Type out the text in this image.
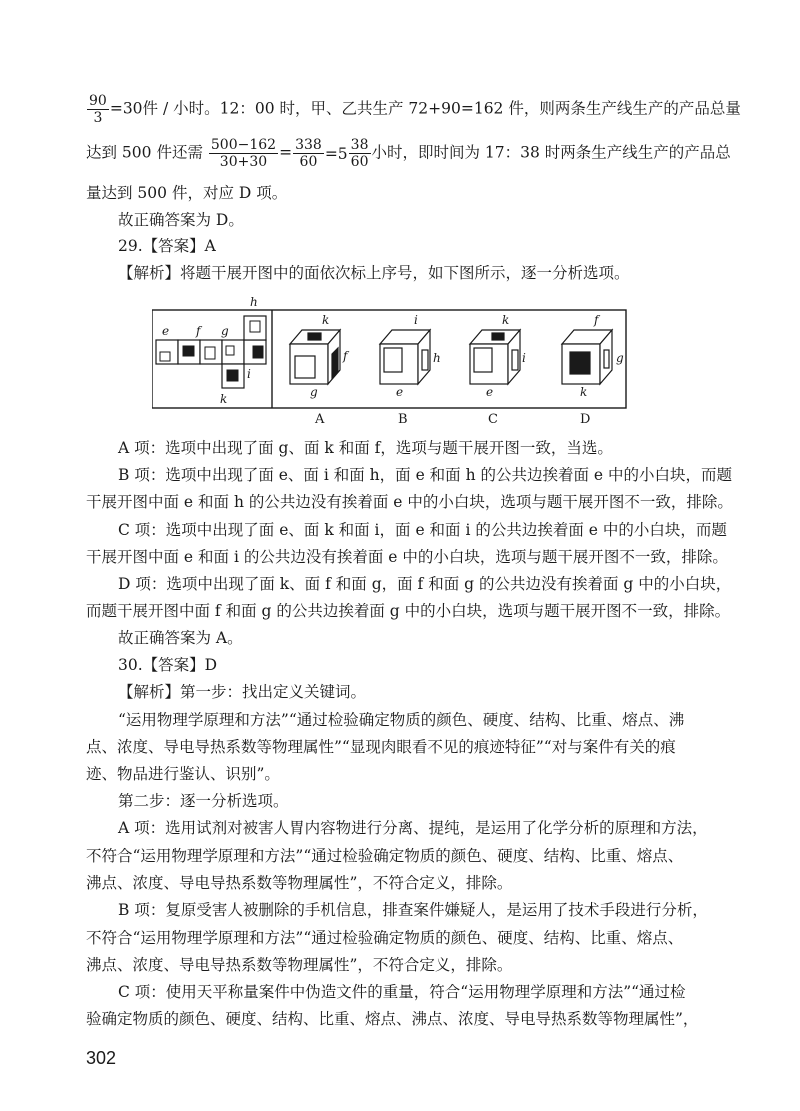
$\frac{90}{3} =30$件 / 小时。12：00 时，甲、乙共生产 72+90=162 件，则两条生产线生产的产品总量
达到 500 件还需 $\frac{500-162}{30+30} = \frac{338}{60} =5 \frac{38}{60}$ 小时，即时间为 17：38 时两条生产线生产的产品总
量达到 500 件，对应 D 项。
故正确答案为 D。
29.【答案】A
【解析】将题干展开图中的面依次标上序号，如下图所示，逐一分析选项。
h
e f g
i
k
k
f
g
i
h
e
k
i
e
f
g
k
A	B	C	D
A 项：选项中出现了面 g、面 k 和面 f，选项与题干展开图一致，当选。
B 项：选项中出现了面 e、面 i 和面 h，面 e 和面 h 的公共边挨着面 e 中的小白块，而题
干展开图中面 e 和面 h 的公共边没有挨着面 e 中的小白块，选项与题干展开图不一致，排除。
C 项：选项中出现了面 e、面 k 和面 i，面 e 和面 i 的公共边挨着面 e 中的小白块，而题
干展开图中面 e 和面 i 的公共边没有挨着面 e 中的小白块，选项与题干展开图不一致，排除。
D 项：选项中出现了面 k、面 f 和面 g，面 f 和面 g 的公共边没有挨着面 g 中的小白块，
而题干展开图中面 f 和面 g 的公共边挨着面 g 中的小白块，选项与题干展开图不一致，排除。
故正确答案为 A。
30.【答案】D
【解析】第一步：找出定义关键词。
“运用物理学原理和方法”“通过检验确定物质的颜色、硬度、结构、比重、熔点、沸
点、浓度、导电导热系数等物理属性”“显现肉眼看不见的痕迹特征”“对与案件有关的痕
迹、物品进行鉴认、识别”。
第二步：逐一分析选项。
A 项：选用试剂对被害人胃内容物进行分离、提纯，是运用了化学分析的原理和方法，
不符合“运用物理学原理和方法”“通过检验确定物质的颜色、硬度、结构、比重、熔点、
沸点、浓度、导电导热系数等物理属性”，不符合定义，排除。
B 项：复原受害人被删除的手机信息，排查案件嫌疑人，是运用了技术手段进行分析，
不符合“运用物理学原理和方法”“通过检验确定物质的颜色、硬度、结构、比重、熔点、
沸点、浓度、导电导热系数等物理属性”，不符合定义，排除。
C 项：使用天平称量案件中伪造文件的重量，符合“运用物理学原理和方法”“通过检
验确定物质的颜色、硬度、结构、比重、熔点、沸点、浓度、导电导热系数等物理属性”，
302
